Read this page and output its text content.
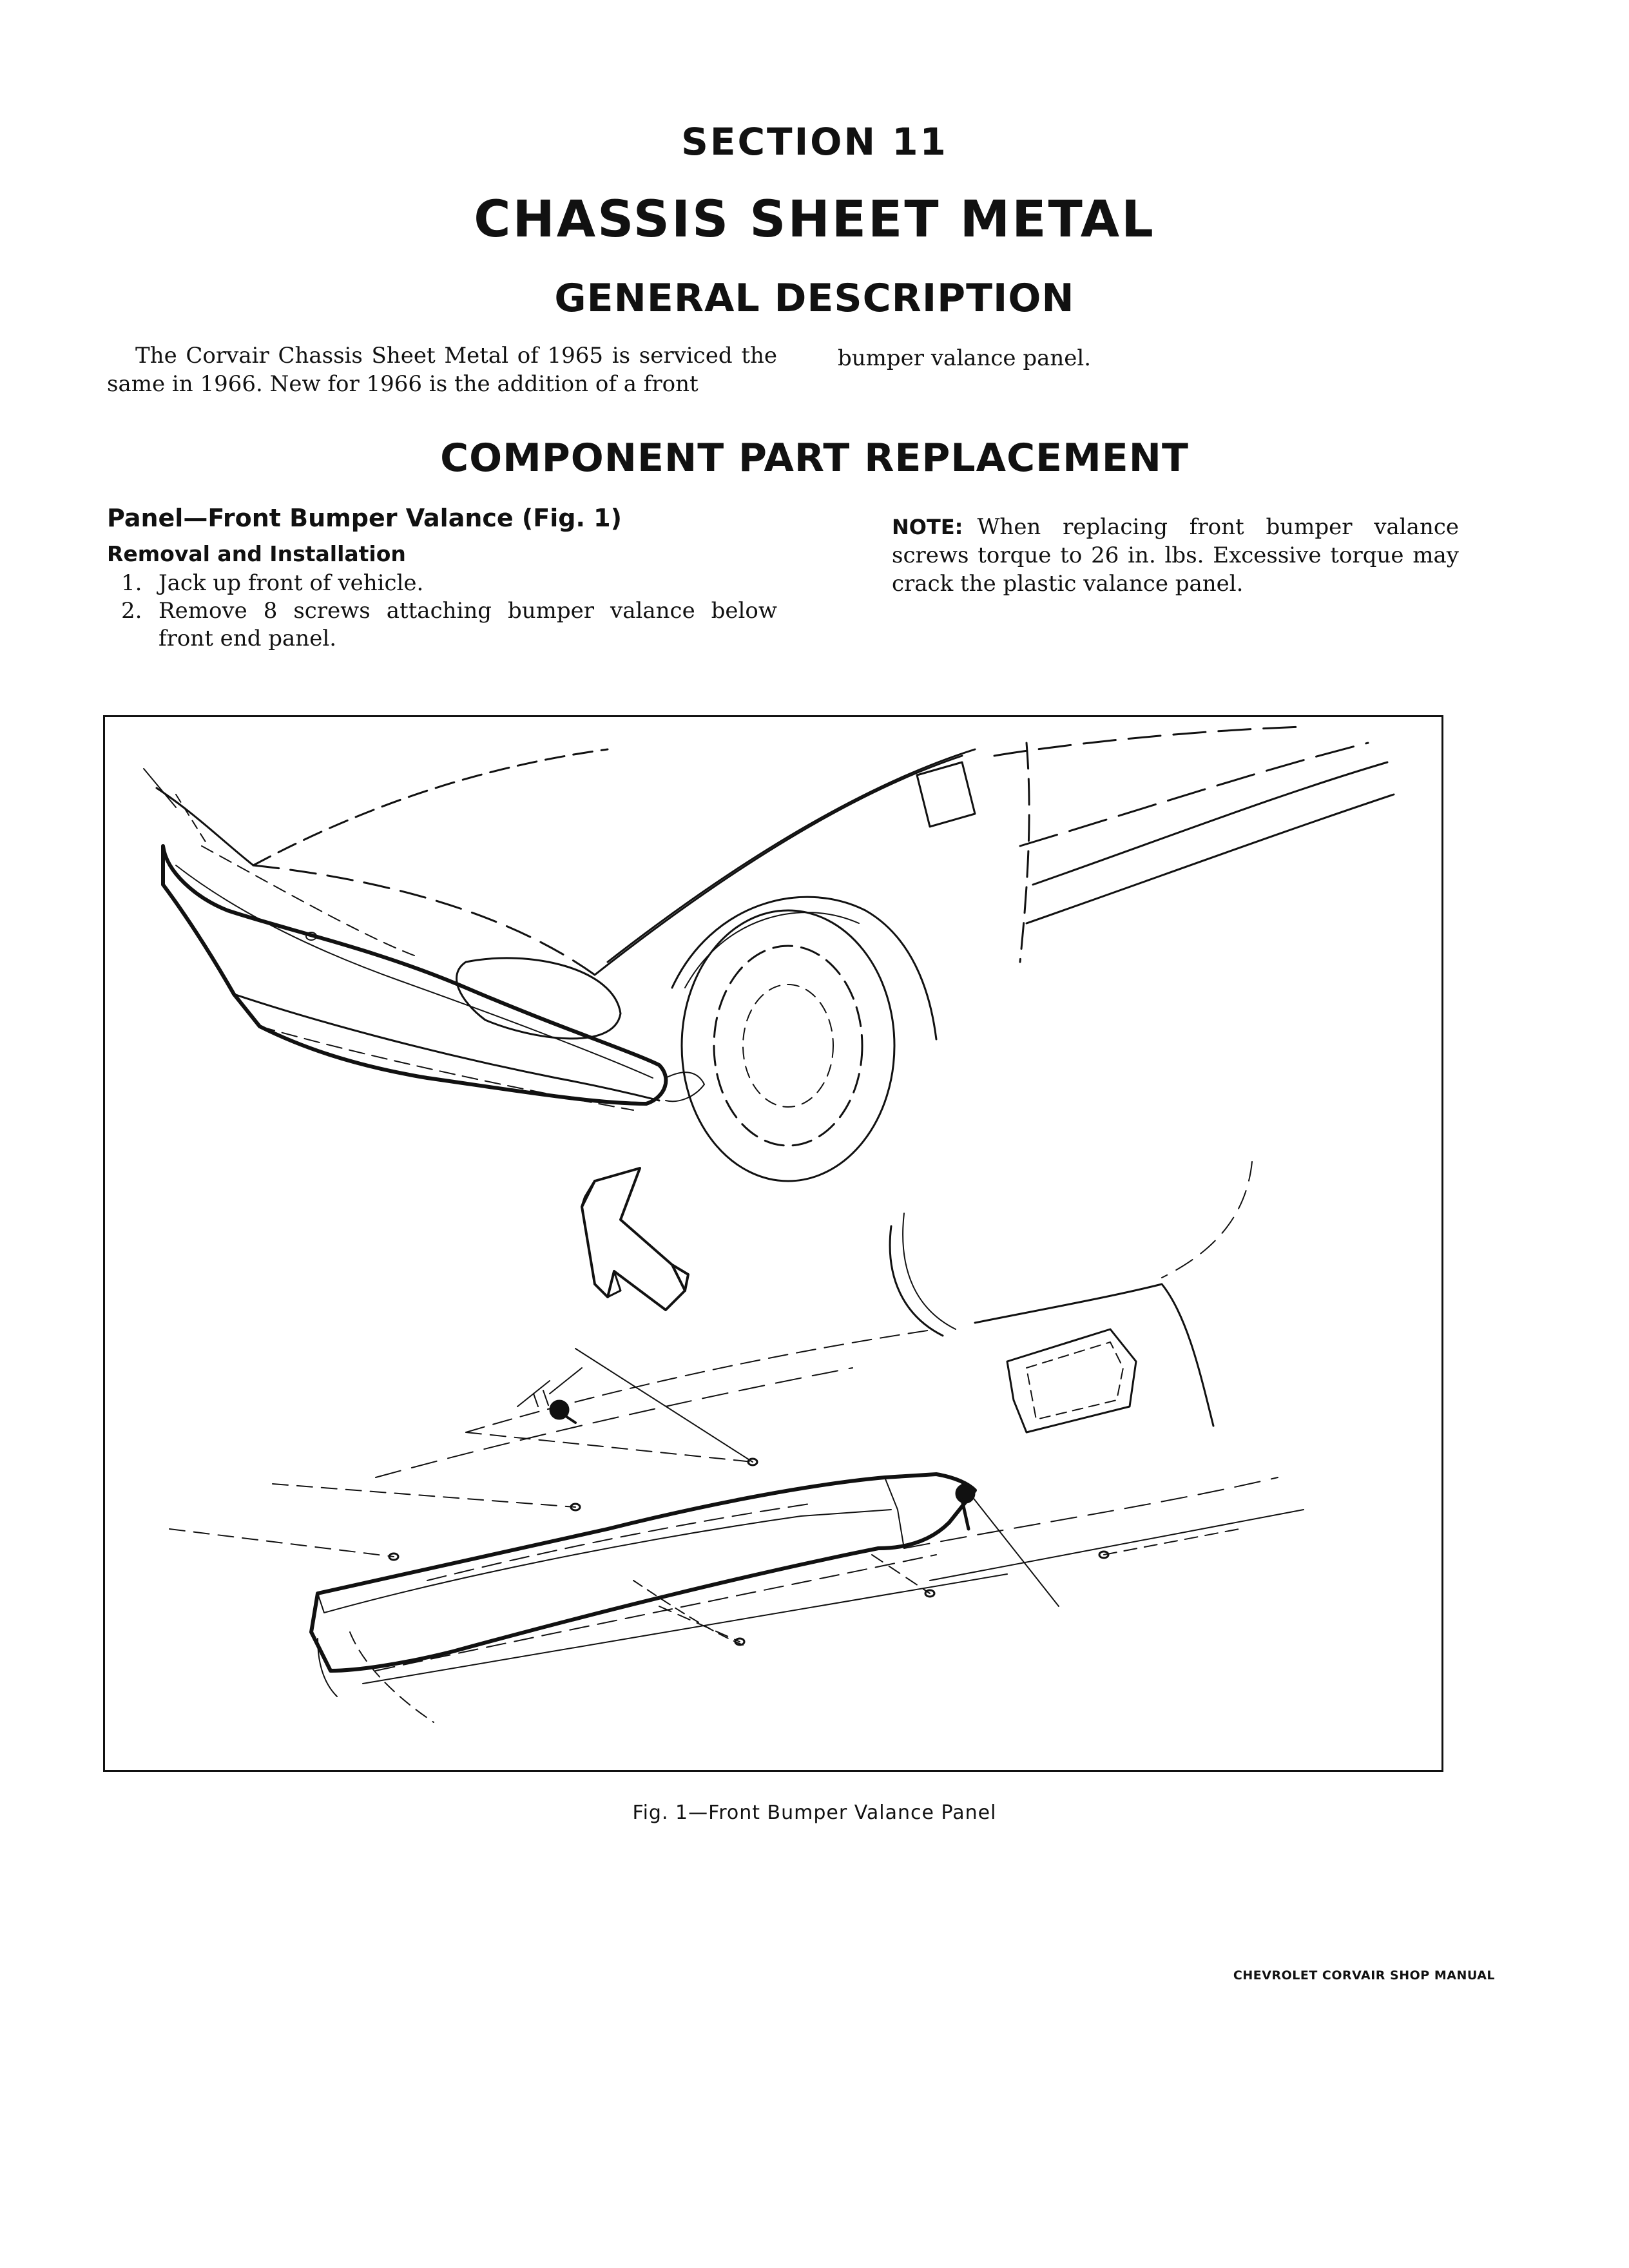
SECTION 11
CHASSIS SHEET METAL
GENERAL DESCRIPTION
The Corvair Chassis Sheet Metal of 1965 is serviced the same in 1966. New for 1966 is the addition of a front
bumper valance panel.
COMPONENT PART REPLACEMENT
Panel—Front Bumper Valance (Fig. 1)
Removal and Installation
1. Jack up front of vehicle.
2. Remove 8 screws attaching bumper valance below front end panel.
NOTE: When replacing front bumper valance screws torque to 26 in. lbs. Excessive torque may crack the plastic valance panel.
Fig. 1—Front Bumper Valance Panel
CHEVROLET CORVAIR SHOP MANUAL
